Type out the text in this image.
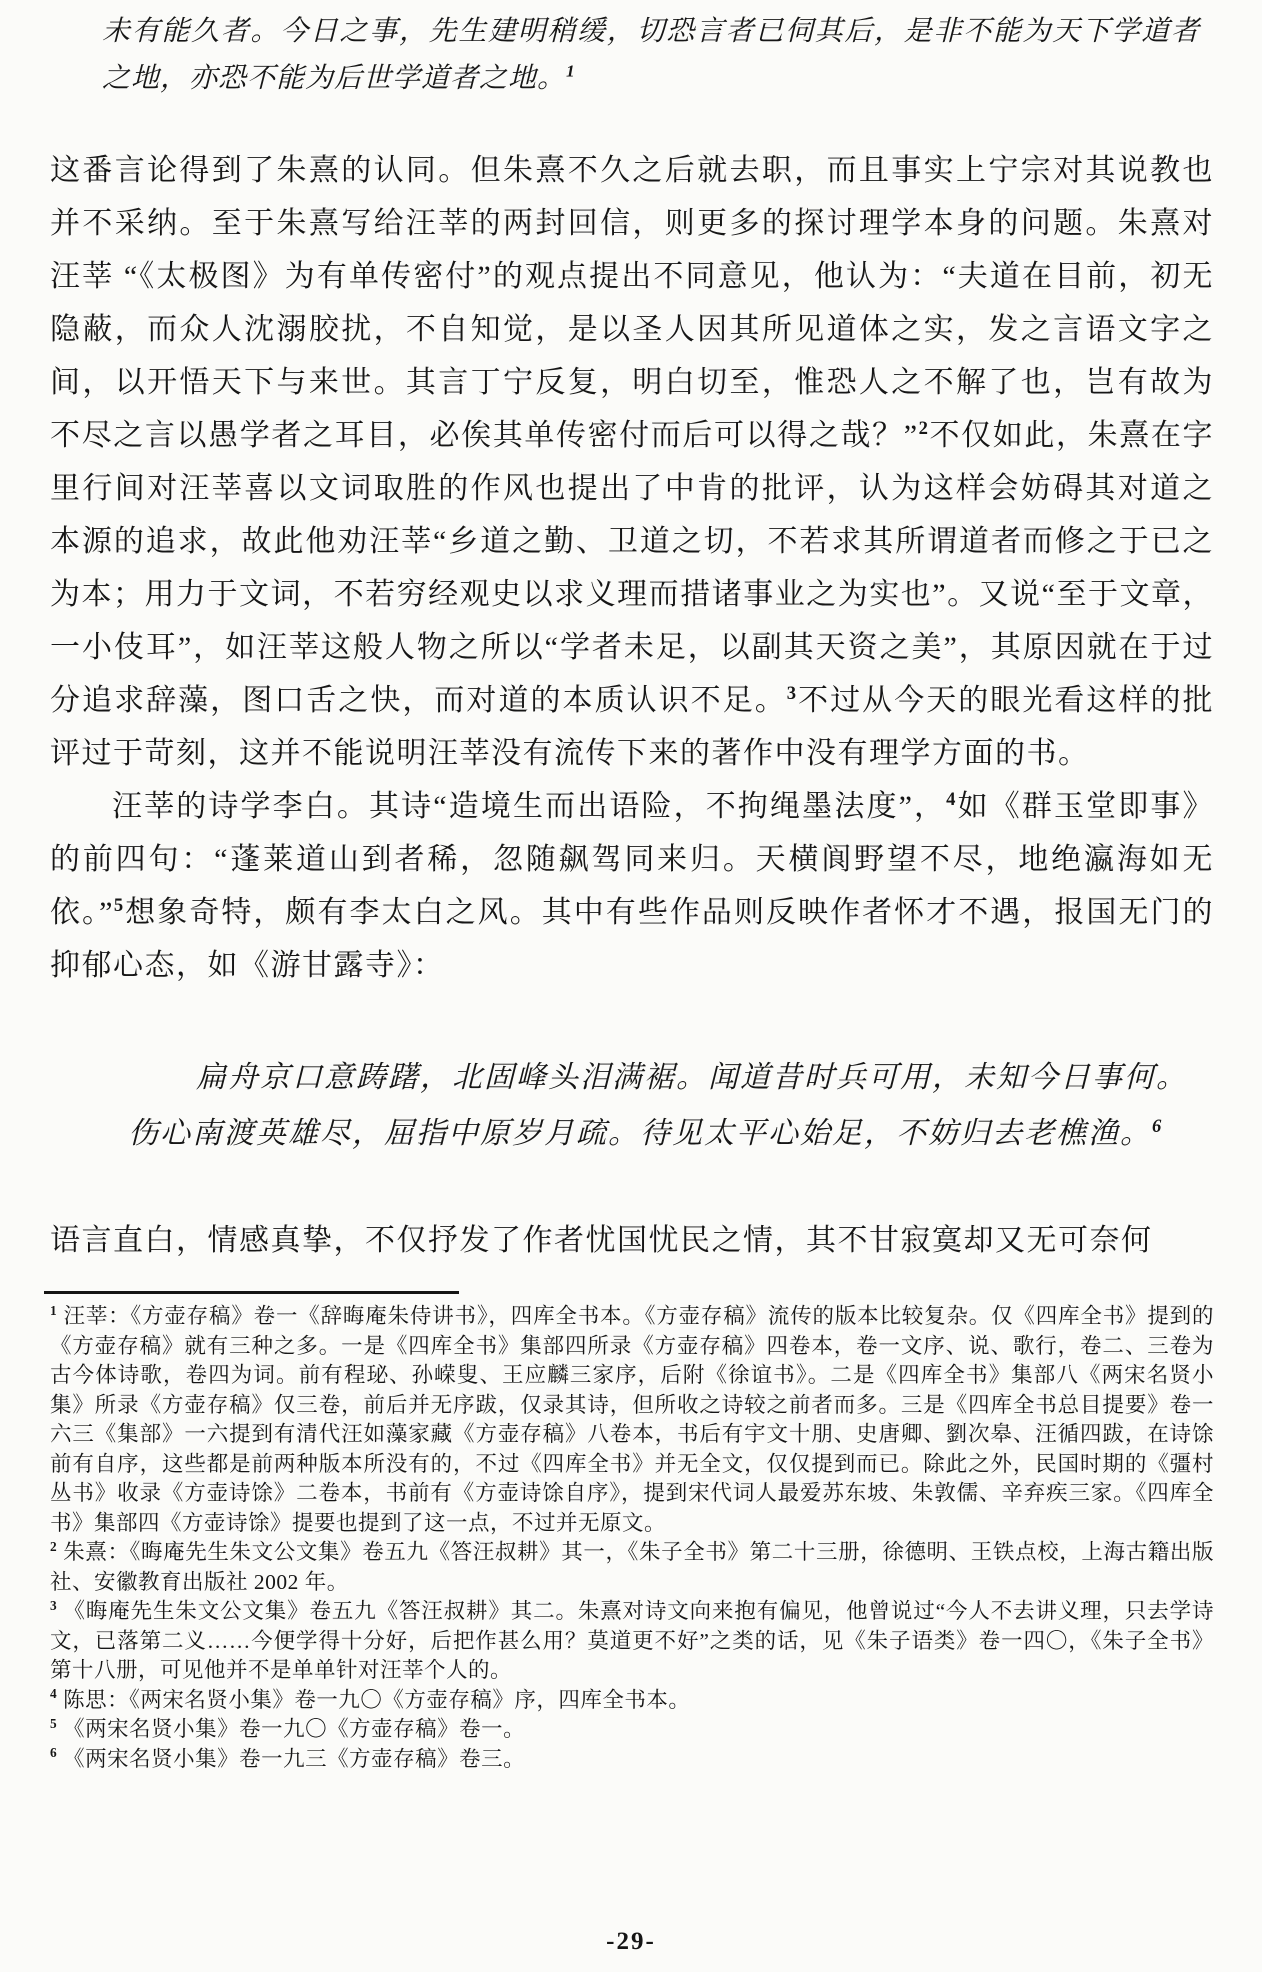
未有能久者。今日之事，先生建明稍缓，切恐言者已伺其后，是非不能为天下学道者之地，亦恐不能为后世学道者之地。$^1$

这番言论得到了朱熹的认同。但朱熹不久之后就去职，而且事实上宁宗对其说教也并不采纳。至于朱熹写给汪莘的两封回信，则更多的探讨理学本身的问题。朱熹对汪莘 “《太极图》为有单传密付”的观点提出不同意见，他认为：“夫道在目前，初无隐蔽，而众人沈溺胶扰，不自知觉，是以圣人因其所见道体之实，发之言语文字之间，以开悟天下与来世。其言丁宁反复，明白切至，惟恐人之不解了也，岂有故为不尽之言以愚学者之耳目，必俟其单传密付而后可以得之哉？”$^2$不仅如此，朱熹在字里行间对汪莘喜以文词取胜的作风也提出了中肯的批评，认为这样会妨碍其对道之本源的追求，故此他劝汪莘“乡道之勤、卫道之切，不若求其所谓道者而修之于已之为本；用力于文词，不若穷经观史以求义理而措诸事业之为实也”。又说“至于文章，一小伎耳”，如汪莘这般人物之所以“学者未足，以副其天资之美”，其原因就在于过分追求辞藻，图口舌之快，而对道的本质认识不足。$^3$不过从今天的眼光看这样的批评过于苛刻，这并不能说明汪莘没有流传下来的著作中没有理学方面的书。

汪莘的诗学李白。其诗“造境生而出语险，不拘绳墨法度”，$^4$如《群玉堂即事》的前四句：“蓬莱道山到者稀，忽随飙驾同来归。天横阆野望不尽，地绝瀛海如无依。”$^5$想象奇特，颇有李太白之风。其中有些作品则反映作者怀才不遇，报国无门的抑郁心态，如《游甘露寺》：

扁舟京口意踌躇，北固峰头泪满裾。闻道昔时兵可用，未知今日事何。
伤心南渡英雄尽，屈指中原岁月疏。待见太平心始足，不妨归去老樵渔。$^6$

语言直白，情感真挚，不仅抒发了作者忧国忧民之情，其不甘寂寞却又无可奈何

$^1$ 汪莘：《方壶存稿》卷一《辞晦庵朱侍讲书》，四库全书本。《方壶存稿》流传的版本比较复杂。仅《四库全书》提到的《方壶存稿》就有三种之多。一是《四库全书》集部四所录《方壶存稿》四卷本，卷一文序、说、歌行，卷二、三卷为古今体诗歌，卷四为词。前有程珌、孙嵘叟、王应麟三家序，后附《徐谊书》。二是《四库全书》集部八《两宋名贤小集》所录《方壶存稿》仅三卷，前后并无序跋，仅录其诗，但所收之诗较之前者而多。三是《四库全书总目提要》卷一六三《集部》一六提到有清代汪如藻家藏《方壶存稿》八卷本，书后有宇文十朋、史唐卿、劉次皋、汪循四跋，在诗馀前有自序，这些都是前两种版本所没有的，不过《四库全书》并无全文，仅仅提到而已。除此之外，民国时期的《彊村丛书》收录《方壶诗馀》二卷本，书前有《方壶诗馀自序》，提到宋代词人最爱苏东坡、朱敦儒、辛弃疾三家。《四库全书》集部四《方壶诗馀》提要也提到了这一点，不过并无原文。
$^2$ 朱熹：《晦庵先生朱文公文集》卷五九《答汪叔耕》其一，《朱子全书》第二十三册，徐德明、王铁点校，上海古籍出版社、安徽教育出版社 2002 年。
$^3$ 《晦庵先生朱文公文集》卷五九《答汪叔耕》其二。朱熹对诗文向来抱有偏见，他曾说过“今人不去讲义理，只去学诗文，已落第二义……今便学得十分好，后把作甚么用？莫道更不好”之类的话，见《朱子语类》卷一四〇，《朱子全书》第十八册，可见他并不是单单针对汪莘个人的。
$^4$ 陈思：《两宋名贤小集》卷一九〇《方壶存稿》序，四库全书本。
$^5$ 《两宋名贤小集》卷一九〇《方壶存稿》卷一。
$^6$ 《两宋名贤小集》卷一九三《方壶存稿》卷三。
-29-
